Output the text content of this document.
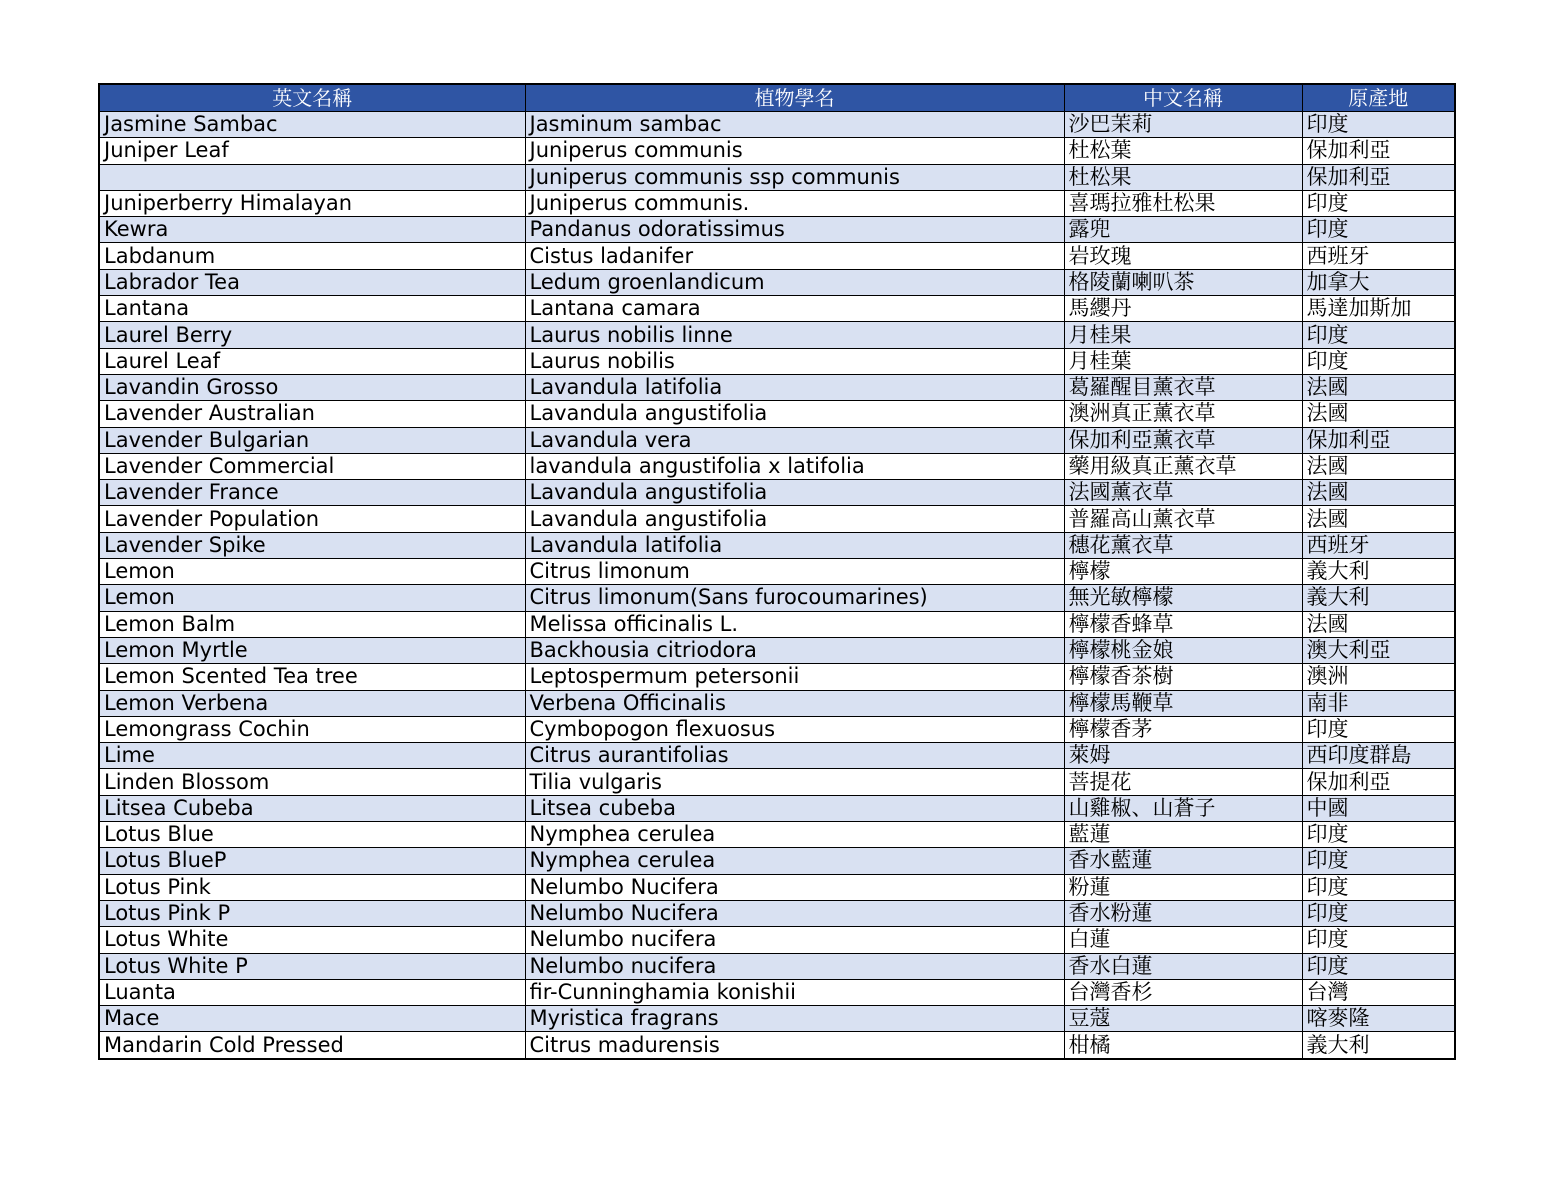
英文名稱	植物學名	中文名稱	原產地
Jasmine Sambac	Jasminum sambac	沙巴茉莉	印度
Juniper Leaf	Juniperus communis	杜松葉	保加利亞
	Juniperus communis ssp communis	杜松果	保加利亞
Juniperberry Himalayan	Juniperus communis.	喜瑪拉雅杜松果	印度
Kewra	Pandanus odoratissimus	露兜	印度
Labdanum	Cistus ladanifer	岩玫瑰	西班牙
Labrador Tea	Ledum groenlandicum	格陵蘭喇叭茶	加拿大
Lantana	Lantana camara	馬纓丹	馬達加斯加
Laurel Berry	Laurus nobilis linne	月桂果	印度
Laurel Leaf	Laurus nobilis	月桂葉	印度
Lavandin Grosso	Lavandula latifolia	葛羅醒目薰衣草	法國
Lavender Australian	Lavandula angustifolia	澳洲真正薰衣草	法國
Lavender Bulgarian	Lavandula vera	保加利亞薰衣草	保加利亞
Lavender Commercial	lavandula angustifolia x latifolia	藥用級真正薰衣草	法國
Lavender France	Lavandula angustifolia	法國薰衣草	法國
Lavender Population	Lavandula angustifolia	普羅高山薰衣草	法國
Lavender Spike	Lavandula latifolia	穗花薰衣草	西班牙
Lemon	Citrus limonum	檸檬	義大利
Lemon	Citrus limonum(Sans furocoumarines)	無光敏檸檬	義大利
Lemon Balm	Melissa officinalis L.	檸檬香蜂草	法國
Lemon Myrtle	Backhousia citriodora	檸檬桃金娘	澳大利亞
Lemon Scented Tea tree	Leptospermum petersonii	檸檬香茶樹	澳洲
Lemon Verbena	Verbena Officinalis	檸檬馬鞭草	南非
Lemongrass Cochin	Cymbopogon flexuosus	檸檬香茅	印度
Lime	Citrus aurantifolias	萊姆	西印度群島
Linden Blossom	Tilia vulgaris	菩提花	保加利亞
Litsea Cubeba	Litsea cubeba	山雞椒、山蒼子	中國
Lotus Blue	Nymphea cerulea	藍蓮	印度
Lotus BlueP	Nymphea cerulea	香水藍蓮	印度
Lotus Pink	Nelumbo Nucifera	粉蓮	印度
Lotus Pink P	Nelumbo Nucifera	香水粉蓮	印度
Lotus White	Nelumbo nucifera	白蓮	印度
Lotus White P	Nelumbo nucifera	香水白蓮	印度
Luanta	fir-Cunninghamia konishii	台灣香杉	台灣
Mace	Myristica fragrans	豆蔻	喀麥隆
Mandarin Cold Pressed	Citrus madurensis	柑橘	義大利
